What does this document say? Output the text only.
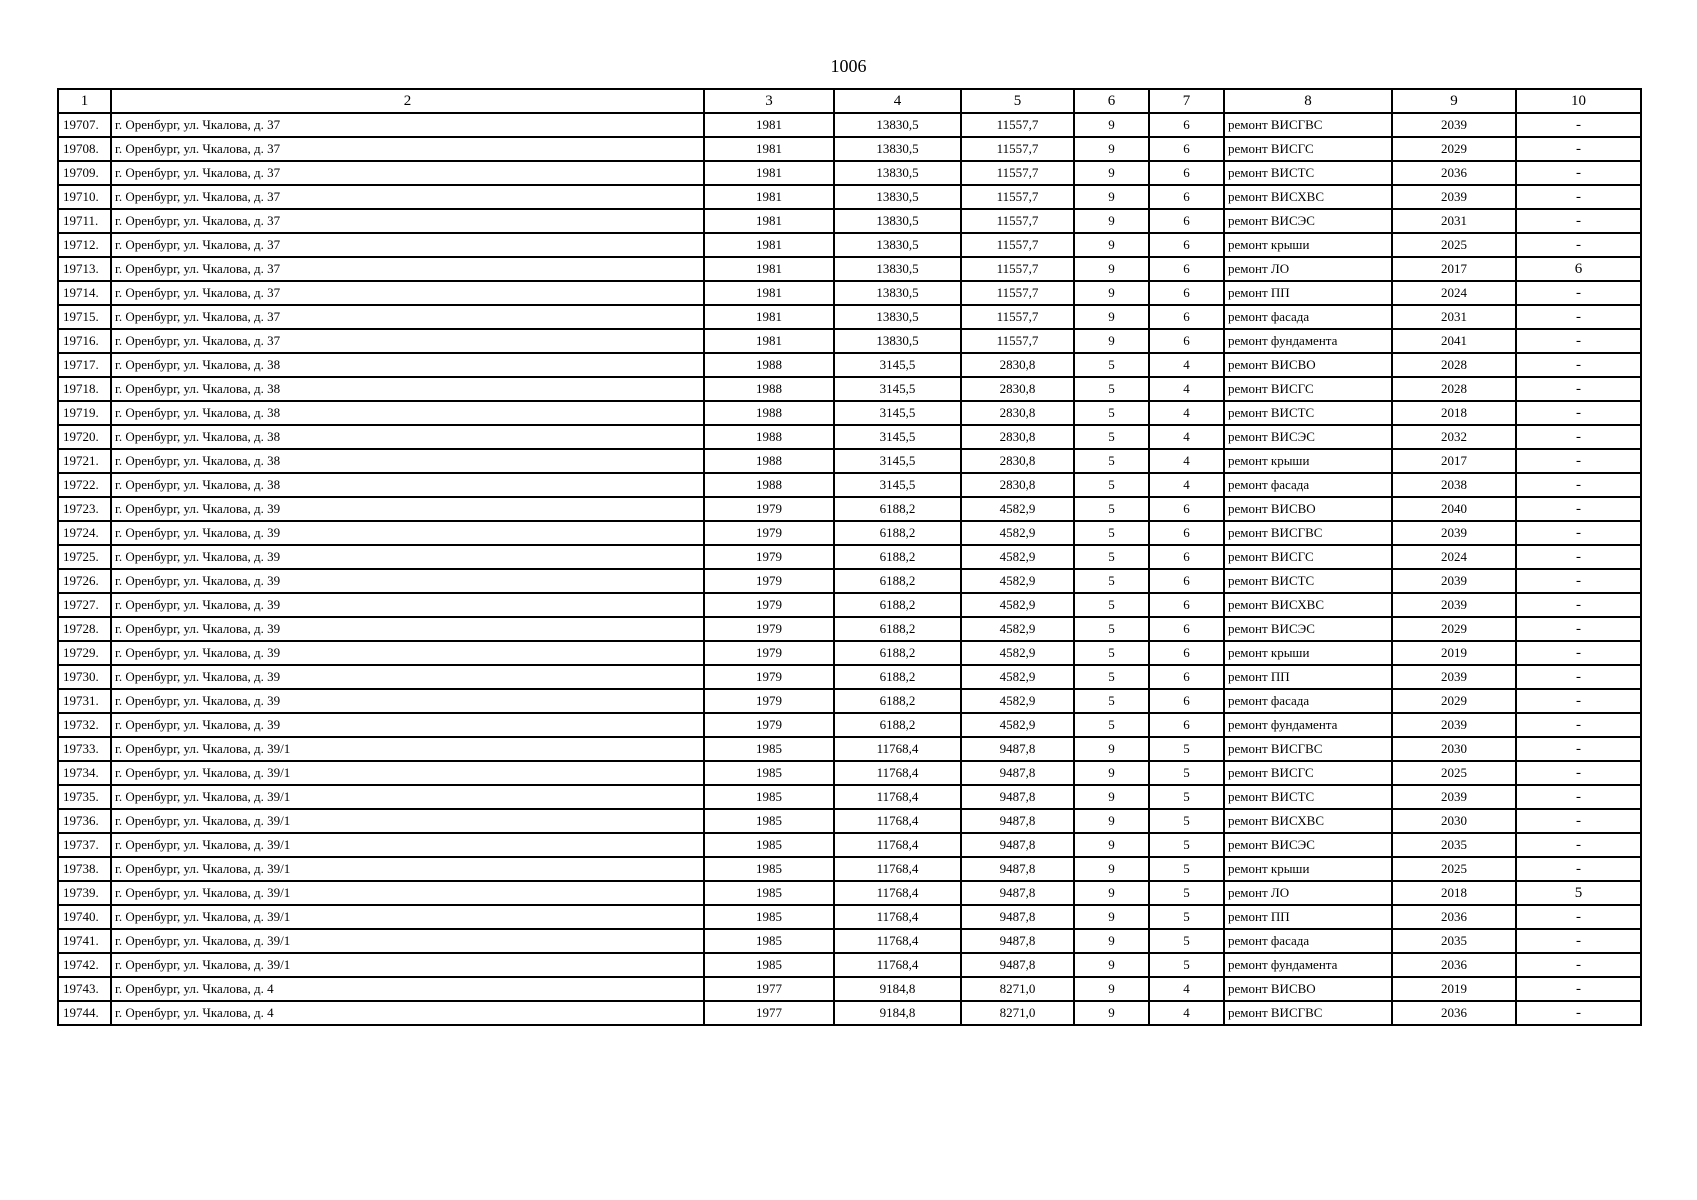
1006
1	2	3	4	5	6	7	8	9	10
19707.	г. Оренбург, ул. Чкалова, д. 37	1981	13830,5	11557,7	9	6	ремонт ВИСГВС	2039	-
19708.	г. Оренбург, ул. Чкалова, д. 37	1981	13830,5	11557,7	9	6	ремонт ВИСГС	2029	-
19709.	г. Оренбург, ул. Чкалова, д. 37	1981	13830,5	11557,7	9	6	ремонт ВИСТС	2036	-
19710.	г. Оренбург, ул. Чкалова, д. 37	1981	13830,5	11557,7	9	6	ремонт ВИСХВС	2039	-
19711.	г. Оренбург, ул. Чкалова, д. 37	1981	13830,5	11557,7	9	6	ремонт ВИСЭС	2031	-
19712.	г. Оренбург, ул. Чкалова, д. 37	1981	13830,5	11557,7	9	6	ремонт крыши	2025	-
19713.	г. Оренбург, ул. Чкалова, д. 37	1981	13830,5	11557,7	9	6	ремонт ЛО	2017	6
19714.	г. Оренбург, ул. Чкалова, д. 37	1981	13830,5	11557,7	9	6	ремонт ПП	2024	-
19715.	г. Оренбург, ул. Чкалова, д. 37	1981	13830,5	11557,7	9	6	ремонт фасада	2031	-
19716.	г. Оренбург, ул. Чкалова, д. 37	1981	13830,5	11557,7	9	6	ремонт фундамента	2041	-
19717.	г. Оренбург, ул. Чкалова, д. 38	1988	3145,5	2830,8	5	4	ремонт ВИСВО	2028	-
19718.	г. Оренбург, ул. Чкалова, д. 38	1988	3145,5	2830,8	5	4	ремонт ВИСГС	2028	-
19719.	г. Оренбург, ул. Чкалова, д. 38	1988	3145,5	2830,8	5	4	ремонт ВИСТС	2018	-
19720.	г. Оренбург, ул. Чкалова, д. 38	1988	3145,5	2830,8	5	4	ремонт ВИСЭС	2032	-
19721.	г. Оренбург, ул. Чкалова, д. 38	1988	3145,5	2830,8	5	4	ремонт крыши	2017	-
19722.	г. Оренбург, ул. Чкалова, д. 38	1988	3145,5	2830,8	5	4	ремонт фасада	2038	-
19723.	г. Оренбург, ул. Чкалова, д. 39	1979	6188,2	4582,9	5	6	ремонт ВИСВО	2040	-
19724.	г. Оренбург, ул. Чкалова, д. 39	1979	6188,2	4582,9	5	6	ремонт ВИСГВС	2039	-
19725.	г. Оренбург, ул. Чкалова, д. 39	1979	6188,2	4582,9	5	6	ремонт ВИСГС	2024	-
19726.	г. Оренбург, ул. Чкалова, д. 39	1979	6188,2	4582,9	5	6	ремонт ВИСТС	2039	-
19727.	г. Оренбург, ул. Чкалова, д. 39	1979	6188,2	4582,9	5	6	ремонт ВИСХВС	2039	-
19728.	г. Оренбург, ул. Чкалова, д. 39	1979	6188,2	4582,9	5	6	ремонт ВИСЭС	2029	-
19729.	г. Оренбург, ул. Чкалова, д. 39	1979	6188,2	4582,9	5	6	ремонт крыши	2019	-
19730.	г. Оренбург, ул. Чкалова, д. 39	1979	6188,2	4582,9	5	6	ремонт ПП	2039	-
19731.	г. Оренбург, ул. Чкалова, д. 39	1979	6188,2	4582,9	5	6	ремонт фасада	2029	-
19732.	г. Оренбург, ул. Чкалова, д. 39	1979	6188,2	4582,9	5	6	ремонт фундамента	2039	-
19733.	г. Оренбург, ул. Чкалова, д. 39/1	1985	11768,4	9487,8	9	5	ремонт ВИСГВС	2030	-
19734.	г. Оренбург, ул. Чкалова, д. 39/1	1985	11768,4	9487,8	9	5	ремонт ВИСГС	2025	-
19735.	г. Оренбург, ул. Чкалова, д. 39/1	1985	11768,4	9487,8	9	5	ремонт ВИСТС	2039	-
19736.	г. Оренбург, ул. Чкалова, д. 39/1	1985	11768,4	9487,8	9	5	ремонт ВИСХВС	2030	-
19737.	г. Оренбург, ул. Чкалова, д. 39/1	1985	11768,4	9487,8	9	5	ремонт ВИСЭС	2035	-
19738.	г. Оренбург, ул. Чкалова, д. 39/1	1985	11768,4	9487,8	9	5	ремонт крыши	2025	-
19739.	г. Оренбург, ул. Чкалова, д. 39/1	1985	11768,4	9487,8	9	5	ремонт ЛО	2018	5
19740.	г. Оренбург, ул. Чкалова, д. 39/1	1985	11768,4	9487,8	9	5	ремонт ПП	2036	-
19741.	г. Оренбург, ул. Чкалова, д. 39/1	1985	11768,4	9487,8	9	5	ремонт фасада	2035	-
19742.	г. Оренбург, ул. Чкалова, д. 39/1	1985	11768,4	9487,8	9	5	ремонт фундамента	2036	-
19743.	г. Оренбург, ул. Чкалова, д. 4	1977	9184,8	8271,0	9	4	ремонт ВИСВО	2019	-
19744.	г. Оренбург, ул. Чкалова, д. 4	1977	9184,8	8271,0	9	4	ремонт ВИСГВС	2036	-
